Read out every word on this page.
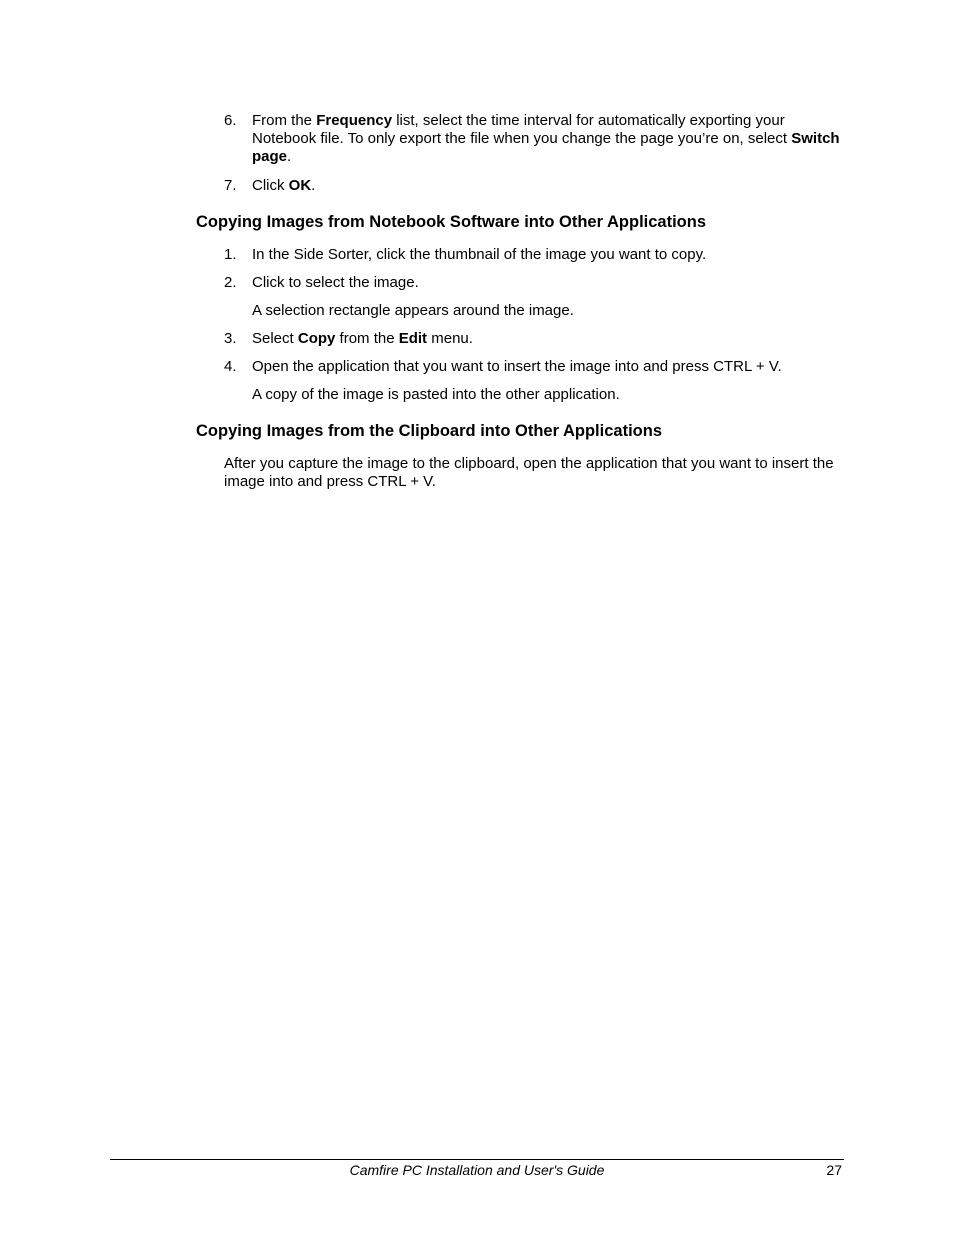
6.	From the Frequency list, select the time interval for automatically exporting your Notebook file. To only export the file when you change the page you’re on, select Switch page.
7.	Click OK.
Copying Images from Notebook Software into Other Applications
1.	In the Side Sorter, click the thumbnail of the image you want to copy.
2.	Click to select the image.
A selection rectangle appears around the image.
3.	Select Copy from the Edit menu.
4.	Open the application that you want to insert the image into and press CTRL + V.
A copy of the image is pasted into the other application.
Copying Images from the Clipboard into Other Applications
After you capture the image to the clipboard, open the application that you want to insert the image into and press CTRL + V.
Camfire PC Installation and User's Guide	27
